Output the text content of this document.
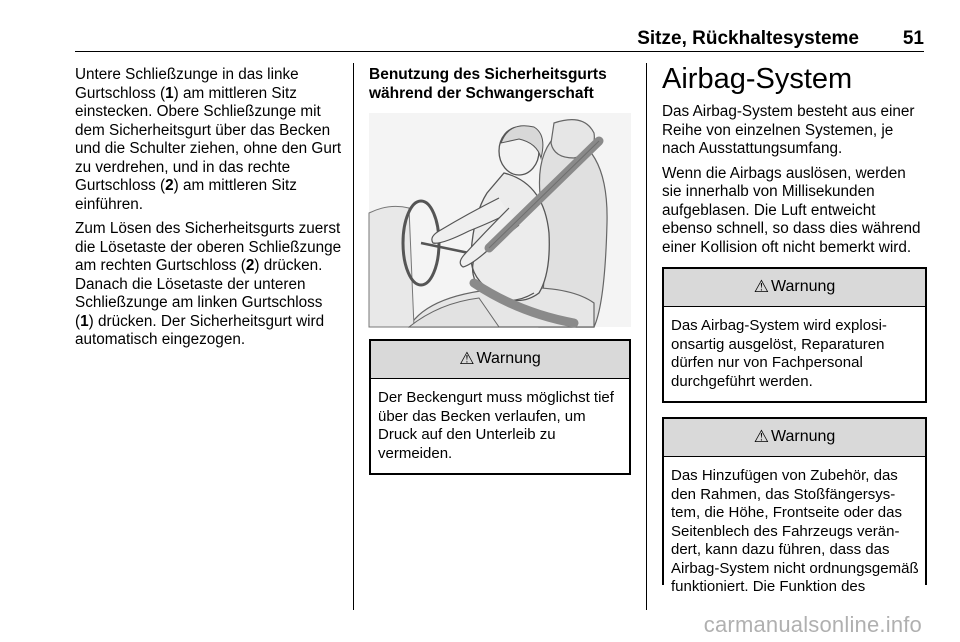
Sitze, Rückhaltesysteme 51

Untere Schließzunge in das linke Gurtschloss (1) am mittleren Sitz einstecken. Obere Schließzunge mit dem Sicherheitsgurt über das Becken und die Schulter ziehen, ohne den Gurt zu verdrehen, und in das rechte Gurtschloss (2) am mittleren Sitz einführen.

Zum Lösen des Sicherheitsgurts zuerst die Lösetaste der oberen Schließzunge am rechten Gurtschloss (2) drücken. Danach die Lösetaste der unteren Schließzunge am linken Gurtschloss (1) drücken. Der Sicherheitsgurt wird automatisch eingezogen.

Benutzung des Sicherheitsgurts während der Schwangerschaft
⚠ Warnung
Der Beckengurt muss möglichst tief über das Becken verlaufen, um Druck auf den Unterleib zu vermeiden.
Airbag-System

Das Airbag-System besteht aus einer Reihe von einzelnen Systemen, je nach Ausstattungsumfang.

Wenn die Airbags auslösen, werden sie innerhalb von Millisekunden aufgeblasen. Die Luft entweicht ebenso schnell, so dass dies während einer Kollision oft nicht bemerkt wird.

⚠ Warnung
Das Airbag-System wird explosionsartig ausgelöst, Reparaturen dürfen nur von Fachpersonal durchgeführt werden.
⚠ Warnung
Das Hinzufügen von Zubehör, das den Rahmen, das Stoßfängersystem, die Höhe, Frontseite oder das Seitenblech des Fahrzeugs verändert, kann dazu führen, dass das Airbag-System nicht ordnungsgemäß funktioniert. Die Funktion des
carmanualsonline.info
